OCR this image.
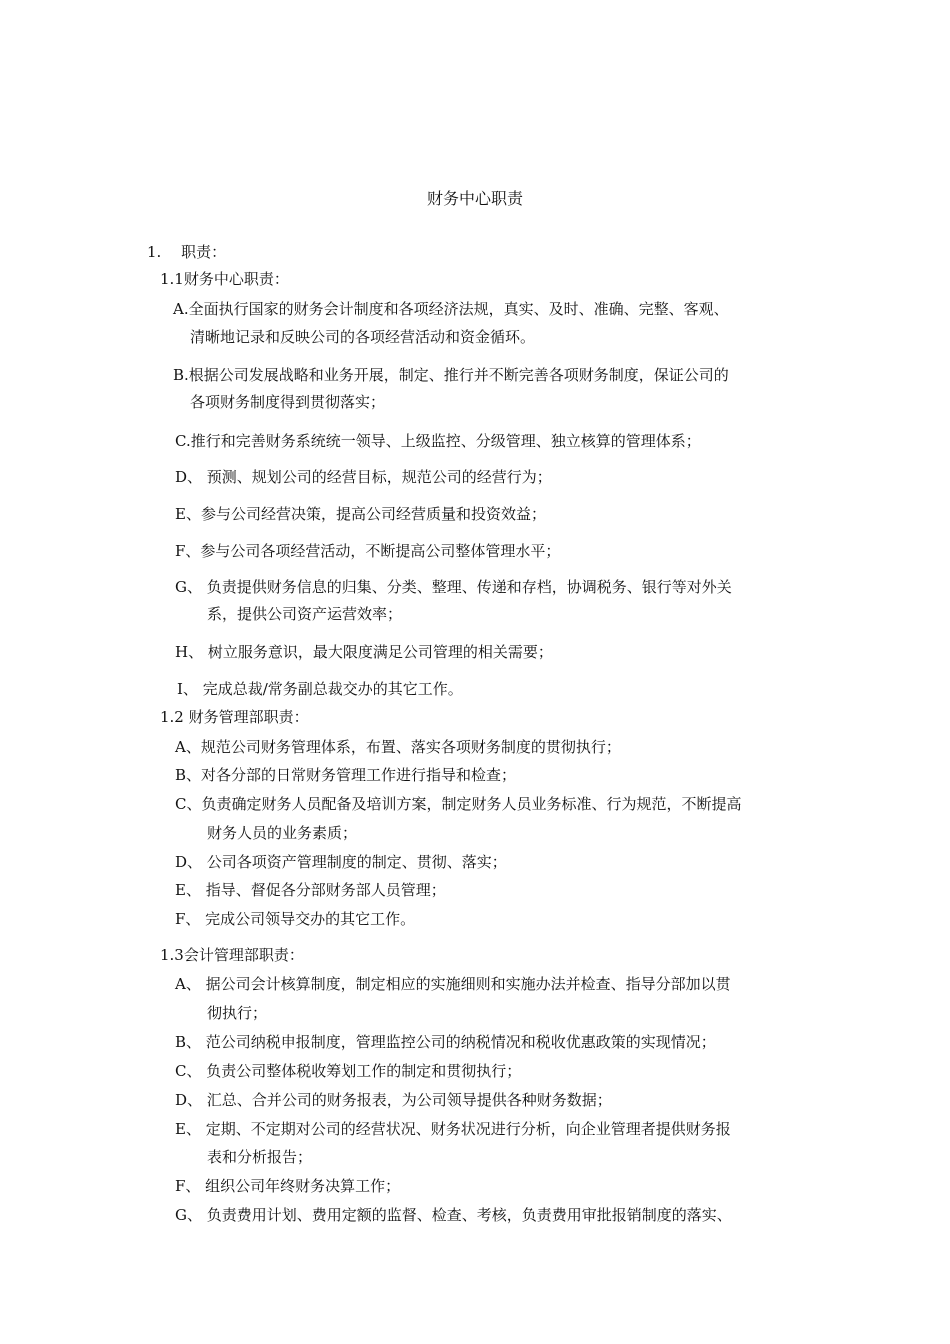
财务中心职责
1.　 职责：
1.1财务中心职责：
A.全面执行国家的财务会计制度和各项经济法规，真实、及时、准确、完整、客观、
清晰地记录和反映公司的各项经营活动和资金循环。
B.根据公司发展战略和业务开展，制定、推行并不断完善各项财务制度，保证公司的
各项财务制度得到贯彻落实；
C.推行和完善财务系统统一领导、上级监控、分级管理、独立核算的管理体系；
D、 预测、规划公司的经营目标，规范公司的经营行为；
E、参与公司经营决策，提高公司经营质量和投资效益；
F、参与公司各项经营活动，不断提高公司整体管理水平；
G、 负责提供财务信息的归集、分类、整理、传递和存档，协调税务、银行等对外关
系，提供公司资产运营效率；
H、 树立服务意识，最大限度满足公司管理的相关需要；
I、 完成总裁/常务副总裁交办的其它工作。
1.2 财务管理部职责：
A、规范公司财务管理体系，布置、落实各项财务制度的贯彻执行；
B、对各分部的日常财务管理工作进行指导和检查；
C、负责确定财务人员配备及培训方案，制定财务人员业务标准、行为规范，不断提高
财务人员的业务素质；
D、 公司各项资产管理制度的制定、贯彻、落实；
E、 指导、督促各分部财务部人员管理；
F、 完成公司领导交办的其它工作。
1.3会计管理部职责：
A、 据公司会计核算制度，制定相应的实施细则和实施办法并检查、指导分部加以贯
彻执行；
B、 范公司纳税申报制度，管理监控公司的纳税情况和税收优惠政策的实现情况；
C、 负责公司整体税收筹划工作的制定和贯彻执行；
D、 汇总、合并公司的财务报表，为公司领导提供各种财务数据；
E、 定期、不定期对公司的经营状况、财务状况进行分析，向企业管理者提供财务报
表和分析报告；
F、 组织公司年终财务决算工作；
G、 负责费用计划、费用定额的监督、检查、考核，负责费用审批报销制度的落实、
